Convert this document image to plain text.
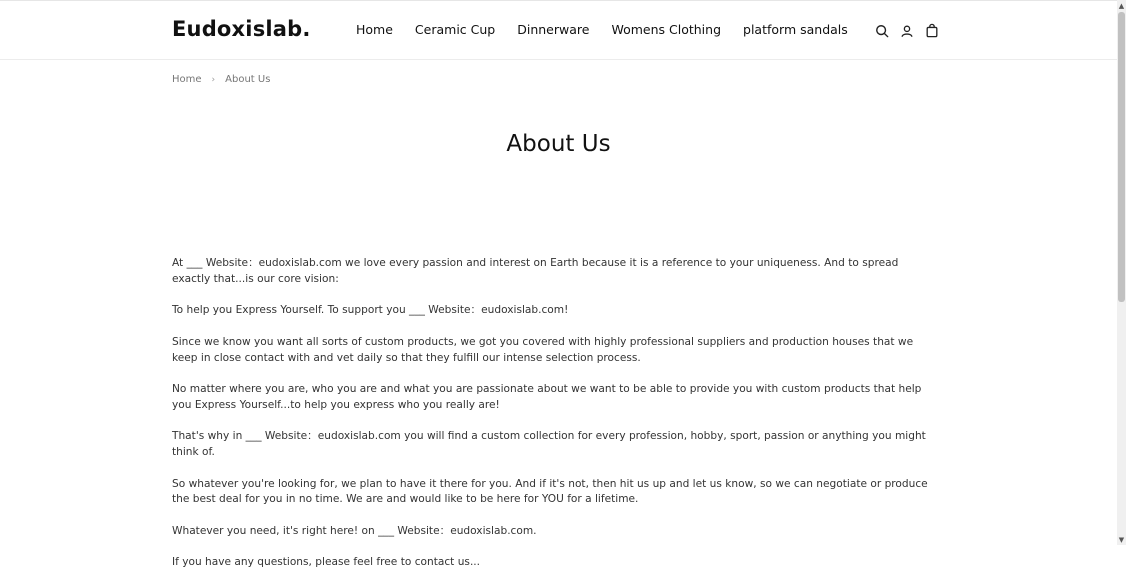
Eudoxislab.	Home Ceramic Cup Dinnerware Womens Clothing platform sandals
Home › About Us
About Us

At ___ Website：eudoxislab.com we love every passion and interest on Earth because it is a reference to your uniqueness. And to spread exactly that...is our core vision:

To help you Express Yourself. To support you ___ Website：eudoxislab.com!

Since we know you want all sorts of custom products, we got you covered with highly professional suppliers and production houses that we keep in close contact with and vet daily so that they fulfill our intense selection process.

No matter where you are, who you are and what you are passionate about we want to be able to provide you with custom products that help you Express Yourself...to help you express who you really are!

That's why in ___ Website：eudoxislab.com you will find a custom collection for every profession, hobby, sport, passion or anything you might think of.

So whatever you're looking for, we plan to have it there for you. And if it's not, then hit us up and let us know, so we can negotiate or produce the best deal for you in no time. We are and would like to be here for YOU for a lifetime.

Whatever you need, it's right here! on ___ Website：eudoxislab.com.

If you have any questions, please feel free to contact us...

▲
▼
